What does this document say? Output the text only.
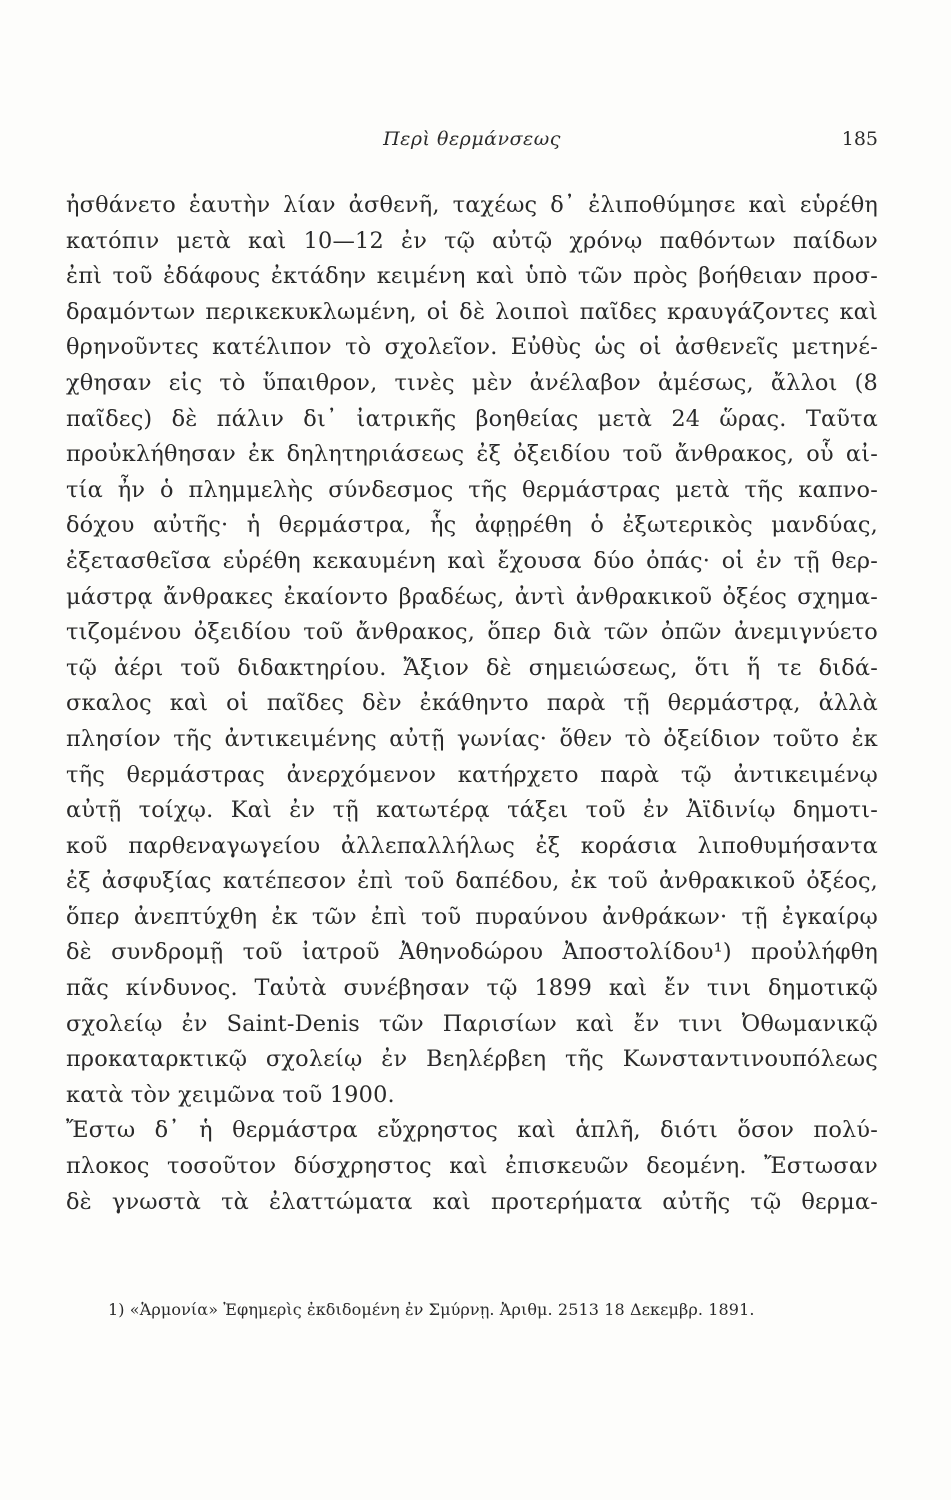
Περὶ θερμάνσεως	185
ἠσθάνετο ἑαυτὴν λίαν ἀσθενῆ, ταχέως δ᾽ ἐλιποθύμησε καὶ εὑρέθη
κατόπιν μετὰ καὶ 10—12 ἐν τῷ αὐτῷ χρόνῳ παθόντων παίδων
ἐπὶ τοῦ ἐδάφους ἐκτάδην κειμένη καὶ ὑπὸ τῶν πρὸς βοήθειαν προσ-
δραμόντων περικεκυκλωμένη, οἱ δὲ λοιποὶ παῖδες κραυγάζοντες καὶ
θρηνοῦντες κατέλιπον τὸ σχολεῖον. Εὐθὺς ὡς οἱ ἀσθενεῖς μετηνέ-
χθησαν εἰς τὸ ὕπαιθρον, τινὲς μὲν ἀνέλαβον ἀμέσως, ἄλλοι (8
παῖδες) δὲ πάλιν δι᾽ ἰατρικῆς βοηθείας μετὰ 24 ὥρας. Ταῦτα
προὐκλήθησαν ἐκ δηλητηριάσεως ἐξ ὀξειδίου τοῦ ἄνθρακος, οὗ αἰ-
τία ἦν ὁ πλημμελὴς σύνδεσμος τῆς θερμάστρας μετὰ τῆς καπνο-
δόχου αὐτῆς· ἡ θερμάστρα, ἧς ἀφῃρέθη ὁ ἐξωτερικὸς μανδύας,
ἐξετασθεῖσα εὑρέθη κεκαυμένη καὶ ἔχουσα δύο ὀπάς· οἱ ἐν τῇ θερ-
μάστρᾳ ἄνθρακες ἐκαίοντο βραδέως, ἀντὶ ἀνθρακικοῦ ὀξέος σχημα-
τιζομένου ὀξειδίου τοῦ ἄνθρακος, ὅπερ διὰ τῶν ὀπῶν ἀνεμιγνύετο
τῷ ἀέρι τοῦ διδακτηρίου. Ἄξιον δὲ σημειώσεως, ὅτι ἥ τε διδά-
σκαλος καὶ οἱ παῖδες δὲν ἐκάθηντο παρὰ τῇ θερμάστρᾳ, ἀλλὰ
πλησίον τῆς ἀντικειμένης αὐτῇ γωνίας· ὅθεν τὸ ὀξείδιον τοῦτο ἐκ
τῆς θερμάστρας ἀνερχόμενον κατήρχετο παρὰ τῷ ἀντικειμένῳ
αὐτῇ τοίχῳ. Καὶ ἐν τῇ κατωτέρᾳ τάξει τοῦ ἐν Ἀϊδινίῳ δημοτι-
κοῦ παρθεναγωγείου ἀλλεπαλλήλως ἐξ κοράσια λιποθυμήσαντα
ἐξ ἀσφυξίας κατέπεσον ἐπὶ τοῦ δαπέδου, ἐκ τοῦ ἀνθρακικοῦ ὀξέος,
ὅπερ ἀνεπτύχθη ἐκ τῶν ἐπὶ τοῦ πυραύνου ἀνθράκων· τῇ ἐγκαίρῳ
δὲ συνδρομῇ τοῦ ἰατροῦ Ἀθηνοδώρου Ἀποστολίδου¹) προὐλήφθη
πᾶς κίνδυνος. Ταὐτὰ συνέβησαν τῷ 1899 καὶ ἔν τινι δημοτικῷ
σχολείῳ ἐν Saint-Denis τῶν Παρισίων καὶ ἔν τινι Ὀθωμανικῷ
προκαταρκτικῷ σχολείῳ ἐν Βεηλέρβεη τῆς Κωνσταντινουπόλεως
κατὰ τὸν χειμῶνα τοῦ 1900.
Ἔστω δ᾽ ἡ θερμάστρα εὔχρηστος καὶ ἁπλῆ, διότι ὅσον πολύ-
πλοκος τοσοῦτον δύσχρηστος καὶ ἐπισκευῶν δεομένη. Ἔστωσαν
δὲ γνωστὰ τὰ ἐλαττώματα καὶ προτερήματα αὐτῆς τῷ θερμα-
1) «Ἁρμονία» Ἐφημερὶς ἐκδιδομένη ἐν Σμύρνῃ. Ἀριθμ. 2513 18 Δεκεμβρ. 1891.
